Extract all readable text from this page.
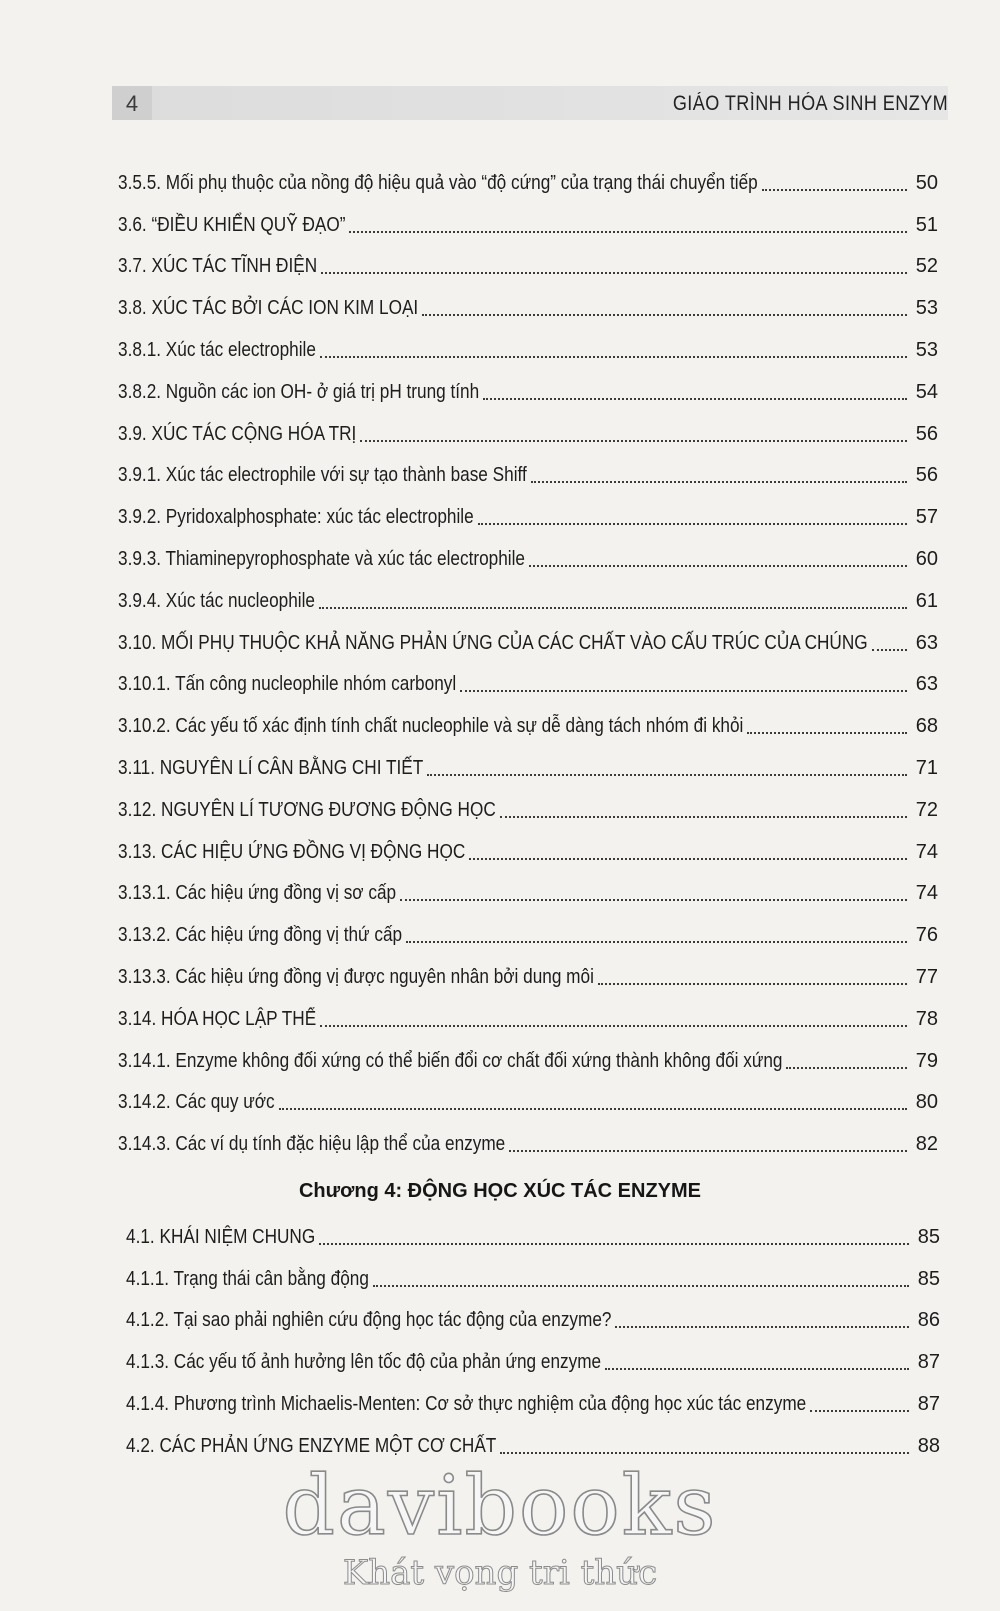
4	GIÁO TRÌNH HÓA SINH ENZYM
3.5.5. Mối phụ thuộc của nồng độ hiệu quả vào “độ cứng” của trạng thái chuyển tiếp	50
3.6. “ĐIỀU KHIỂN QUỸ ĐẠO”	51
3.7. XÚC TÁC TĨNH ĐIỆN	52
3.8. XÚC TÁC BỞI CÁC ION KIM LOẠI	53
3.8.1. Xúc tác electrophile	53
3.8.2. Nguồn các ion OH- ở giá trị pH trung tính	54
3.9. XÚC TÁC CỘNG HÓA TRỊ	56
3.9.1. Xúc tác electrophile với sự tạo thành base Shiff	56
3.9.2. Pyridoxalphosphate: xúc tác electrophile	57
3.9.3. Thiaminepyrophosphate và xúc tác electrophile	60
3.9.4. Xúc tác nucleophile	61
3.10. MỐI PHỤ THUỘC KHẢ NĂNG PHẢN ỨNG CỦA CÁC CHẤT VÀO CẤU TRÚC CỦA CHÚNG 63
3.10.1. Tấn công nucleophile nhóm carbonyl	63
3.10.2. Các yếu tố xác định tính chất nucleophile và sự dễ dàng tách nhóm đi khỏi	68
3.11. NGUYÊN LÍ CÂN BẰNG CHI TIẾT	71
3.12. NGUYÊN LÍ TƯƠNG ĐƯƠNG ĐỘNG HỌC	72
3.13. CÁC HIỆU ỨNG ĐỒNG VỊ ĐỘNG HỌC	74
3.13.1. Các hiệu ứng đồng vị sơ cấp	74
3.13.2. Các hiệu ứng đồng vị thứ cấp	76
3.13.3. Các hiệu ứng đồng vị được nguyên nhân bởi dung môi	77
3.14. HÓA HỌC LẬP THỂ	78
3.14.1. Enzyme không đối xứng có thể biến đổi cơ chất đối xứng thành không đối xứng	79
3.14.2. Các quy ước	80
3.14.3. Các ví dụ tính đặc hiệu lập thể của enzyme	82
Chương 4: ĐỘNG HỌC XÚC TÁC ENZYME
4.1. KHÁI NIỆM CHUNG	85
4.1.1. Trạng thái cân bằng động	85
4.1.2. Tại sao phải nghiên cứu động học tác động của enzyme?	86
4.1.3. Các yếu tố ảnh hưởng lên tốc độ của phản ứng enzyme	87
4.1.4. Phương trình Michaelis-Menten: Cơ sở thực nghiệm của động học xúc tác enzyme	87
4.2. CÁC PHẢN ỨNG ENZYME MỘT CƠ CHẤT	88
davibooks
Khát vọng tri thức
